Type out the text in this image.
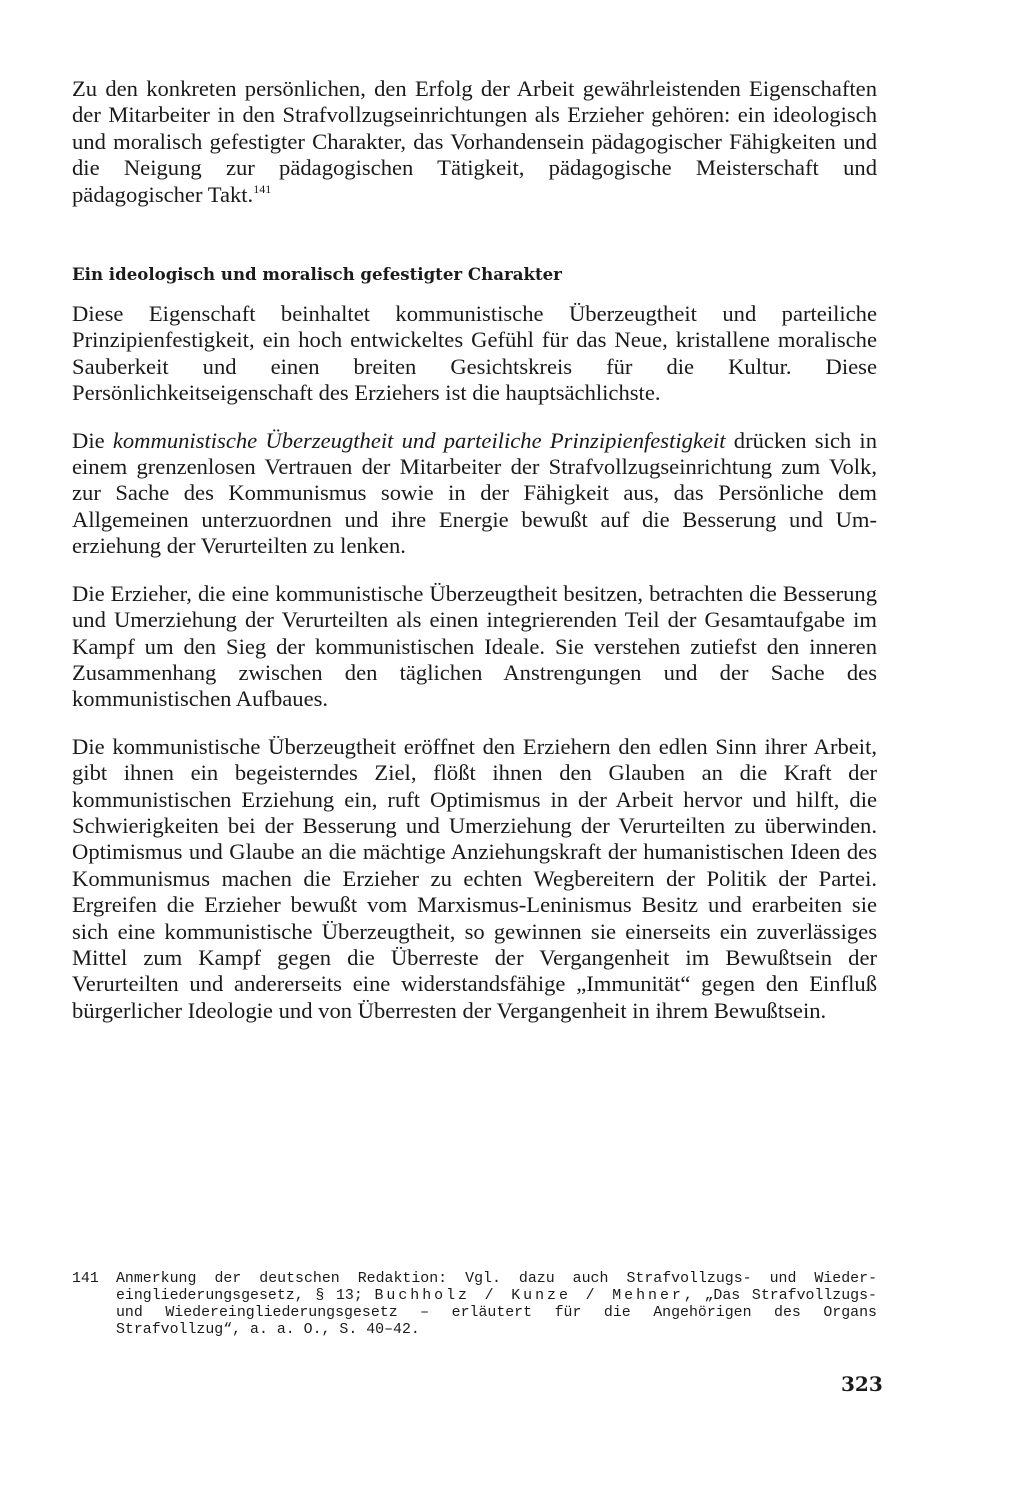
Zu den konkreten persönlichen, den Erfolg der Arbeit gewährleistenden Eigenschaften der Mitarbeiter in den Strafvollzugseinrichtungen als Erzieher gehören: ein ideologisch und moralisch gefestigter Charakter, das Vorhandensein pädagogischer Fähigkeiten und die Neigung zur pädagogischen Tätigkeit, pädagogische Meisterschaft und pädagogischer Takt.$^{141}$

Ein ideologisch und moralisch gefestigter Charakter

Diese Eigenschaft beinhaltet kommunistische Überzeugtheit und parteiliche Prinzipienfestigkeit, ein hoch entwickeltes Gefühl für das Neue, kristallene moralische Sauberkeit und einen breiten Gesichtskreis für die Kultur. Diese Persönlichkeitseigenschaft des Erziehers ist die hauptsächlichste.

Die kommunistische Überzeugtheit und parteiliche Prinzipienfestigkeit drücken sich in einem grenzenlosen Vertrauen der Mitarbeiter der Strafvollzugseinrichtung zum Volk, zur Sache des Kommunismus sowie in der Fähigkeit aus, das Persönliche dem Allgemeinen unterzuordnen und ihre Energie bewußt auf die Besserung und Umerziehung der Verurteilten zu lenken.

Die Erzieher, die eine kommunistische Überzeugtheit besitzen, betrachten die Besserung und Umerziehung der Verurteilten als einen integrierenden Teil der Gesamtaufgabe im Kampf um den Sieg der kommunistischen Ideale. Sie verstehen zutiefst den inneren Zusammenhang zwischen den täglichen Anstrengungen und der Sache des kommunistischen Aufbaues.

Die kommunistische Überzeugtheit eröffnet den Erziehern den edlen Sinn ihrer Arbeit, gibt ihnen ein begeisterndes Ziel, flößt ihnen den Glauben an die Kraft der kommunistischen Erziehung ein, ruft Optimismus in der Arbeit hervor und hilft, die Schwierigkeiten bei der Besserung und Umerziehung der Verurteilten zu überwinden. Optimismus und Glaube an die mächtige Anziehungskraft der humanistischen Ideen des Kommunismus machen die Erzieher zu echten Wegbereitern der Politik der Partei. Ergreifen die Erzieher bewußt vom Marxismus-Leninismus Besitz und erarbeiten sie sich eine kommunistische Überzeugtheit, so gewinnen sie einerseits ein zuverlässiges Mittel zum Kampf gegen die Überreste der Vergangenheit im Bewußtsein der Verurteilten und andererseits eine widerstandsfähige „Immunität“ gegen den Einfluß bürgerlicher Ideologie und von Überresten der Vergangenheit in ihrem Bewußtsein.

141	Anmerkung der deutschen Redaktion: Vgl. dazu auch Strafvollzugs- und Wiedereingliederungsgesetz, § 13; Buchholz / Kunze / Mehner, „Das Strafvollzugs- und Wiedereingliederungsgesetz – erläutert für die Angehörigen des Organs Strafvollzug“, a. a. O., S. 40–42.
323
